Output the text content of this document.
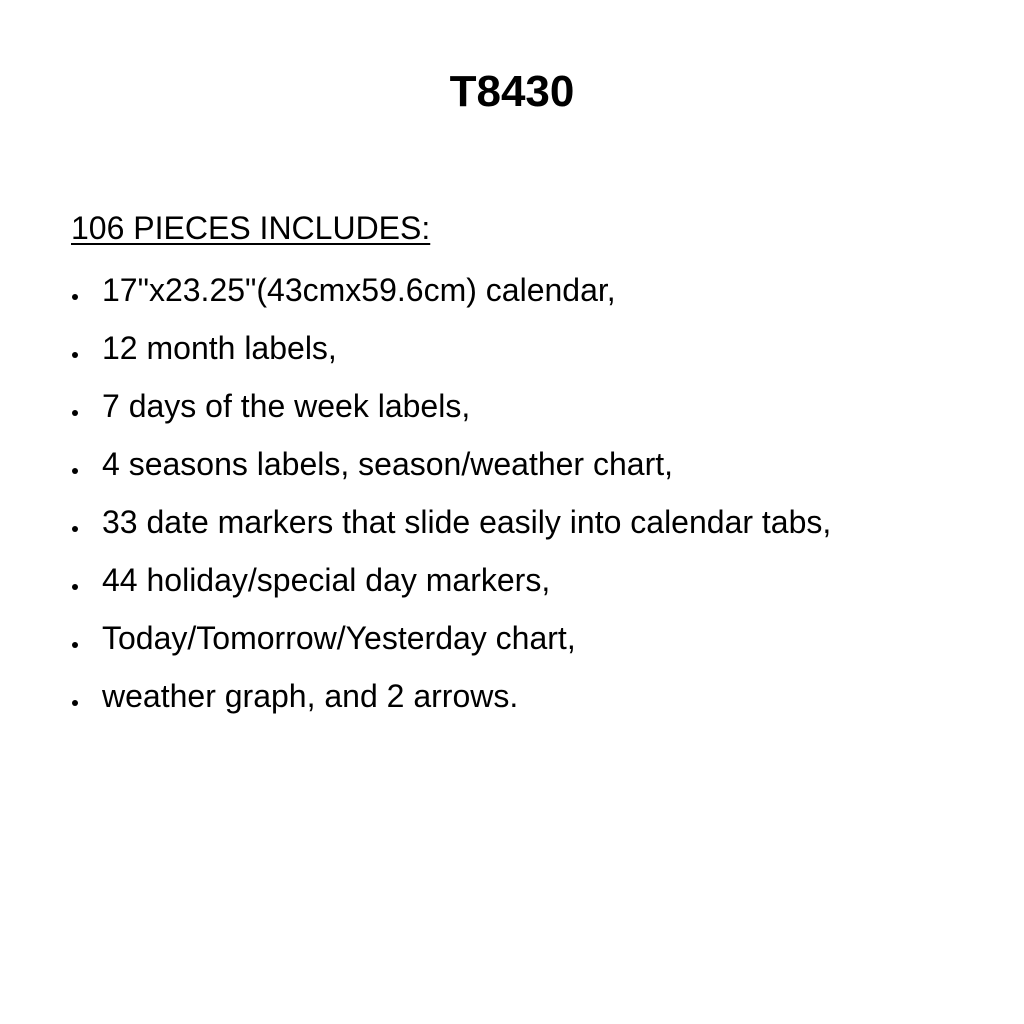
T8430
106 PIECES INCLUDES:
17"x23.25"(43cmx59.6cm) calendar,
12 month labels,
7 days of the week labels,
4 seasons labels, season/weather chart,
33 date markers that slide easily into calendar tabs,
44 holiday/special day markers,
Today/Tomorrow/Yesterday chart,
weather graph, and 2 arrows.
